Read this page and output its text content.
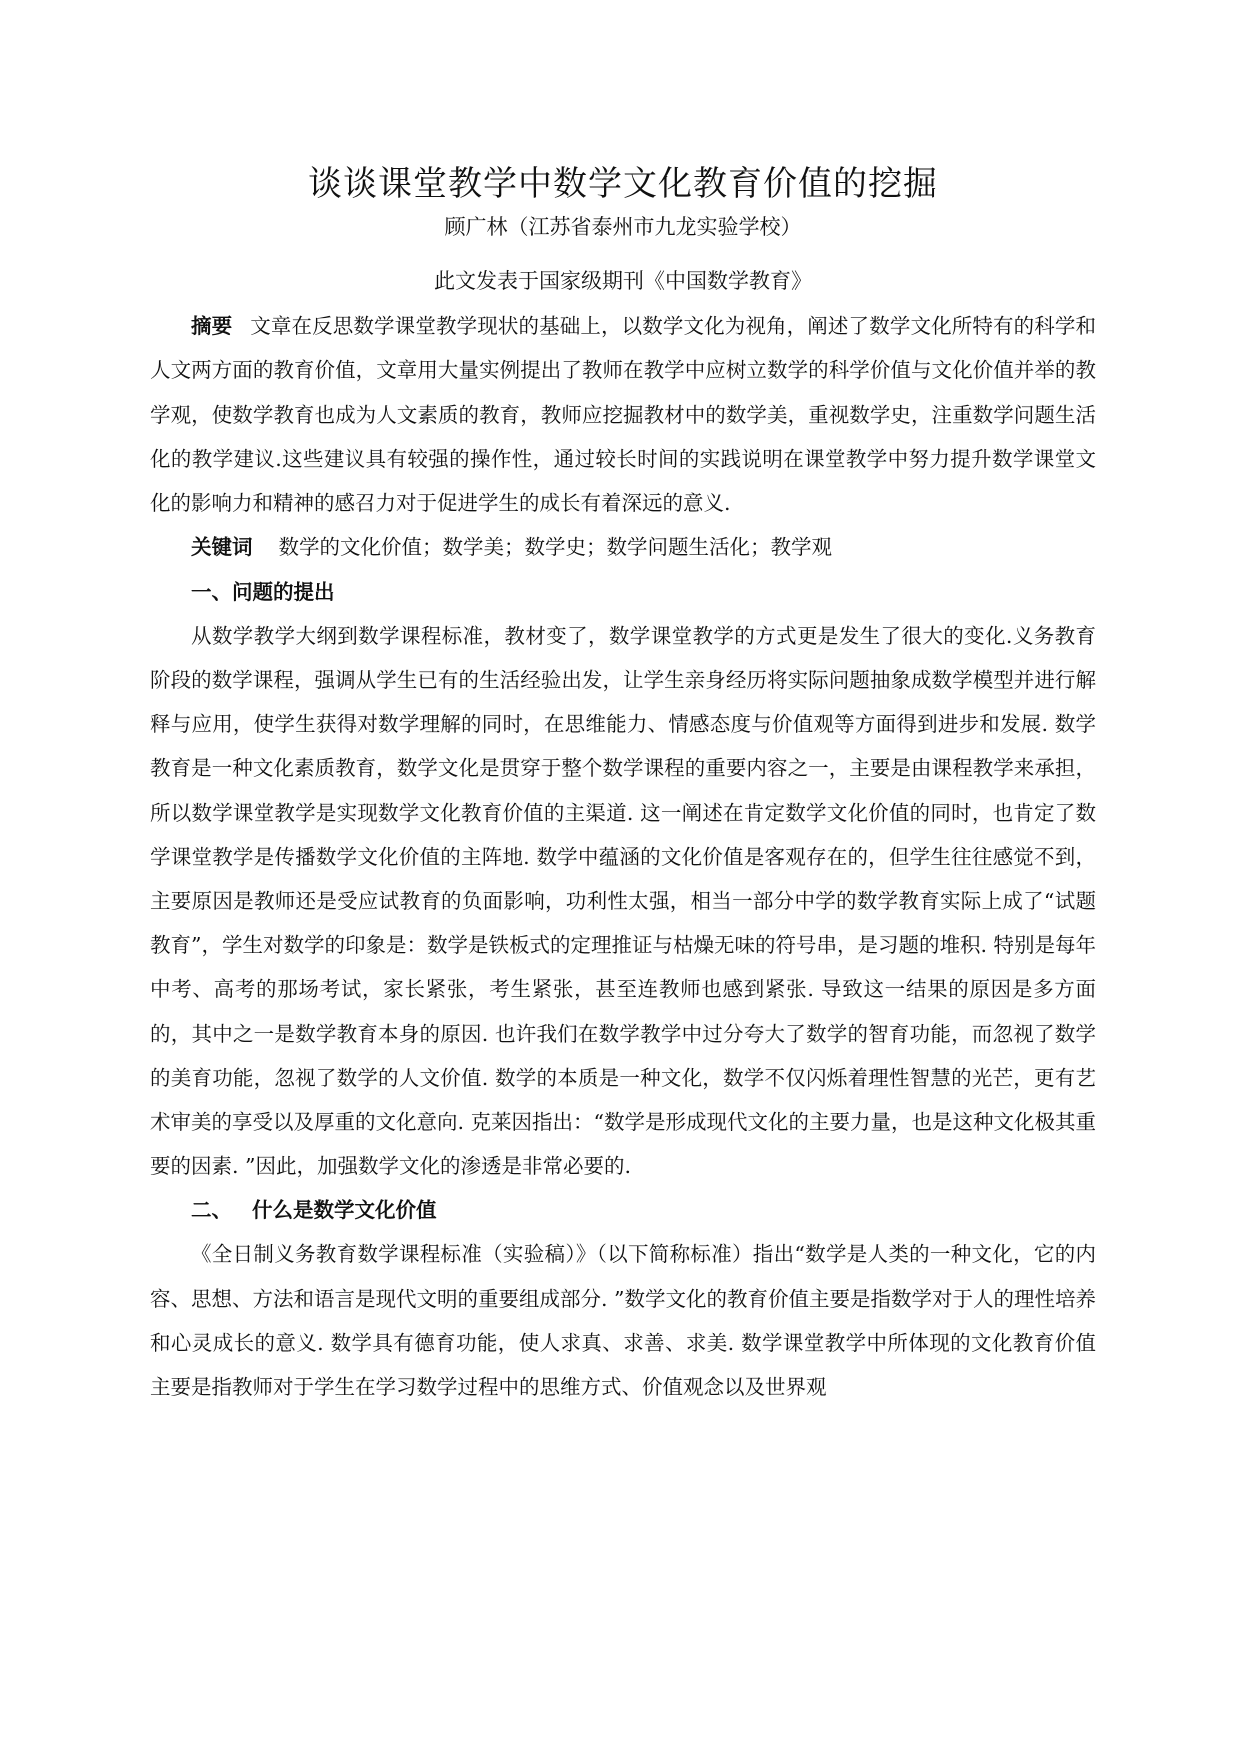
谈谈课堂教学中数学文化教育价值的挖掘

顾广林（江苏省泰州市九龙实验学校）

此文发表于国家级期刊《中国数学教育》

摘要 文章在反思数学课堂教学现状的基础上，以数学文化为视角，阐述了数学文化所特有的科学和人文两方面的教育价值，文章用大量实例提出了教师在教学中应树立数学的科学价值与文化价值并举的教学观，使数学教育也成为人文素质的教育，教师应挖掘教材中的数学美，重视数学史，注重数学问题生活化的教学建议.这些建议具有较强的操作性，通过较长时间的实践说明在课堂教学中努力提升数学课堂文化的影响力和精神的感召力对于促进学生的成长有着深远的意义.

关键词 数学的文化价值；数学美；数学史；数学问题生活化；教学观

一、问题的提出

从数学教学大纲到数学课程标准，教材变了，数学课堂教学的方式更是发生了很大的变化.义务教育阶段的数学课程，强调从学生已有的生活经验出发，让学生亲身经历将实际问题抽象成数学模型并进行解释与应用，使学生获得对数学理解的同时，在思维能力、情感态度与价值观等方面得到进步和发展. 数学教育是一种文化素质教育，数学文化是贯穿于整个数学课程的重要内容之一，主要是由课程教学来承担，所以数学课堂教学是实现数学文化教育价值的主渠道. 这一阐述在肯定数学文化价值的同时，也肯定了数学课堂教学是传播数学文化价值的主阵地. 数学中蕴涵的文化价值是客观存在的，但学生往往感觉不到，主要原因是教师还是受应试教育的负面影响，功利性太强，相当一部分中学的数学教育实际上成了“试题教育”，学生对数学的印象是：数学是铁板式的定理推证与枯燥无味的符号串，是习题的堆积. 特别是每年中考、高考的那场考试，家长紧张，考生紧张，甚至连教师也感到紧张. 导致这一结果的原因是多方面的，其中之一是数学教育本身的原因. 也许我们在数学教学中过分夸大了数学的智育功能，而忽视了数学的美育功能，忽视了数学的人文价值. 数学的本质是一种文化，数学不仅闪烁着理性智慧的光芒，更有艺术审美的享受以及厚重的文化意向. 克莱因指出：“数学是形成现代文化的主要力量，也是这种文化极其重要的因素. ”因此，加强数学文化的渗透是非常必要的.

二、 什么是数学文化价值

《全日制义务教育数学课程标准（实验稿）》（以下简称标准）指出“数学是人类的一种文化，它的内容、思想、方法和语言是现代文明的重要组成部分. ”数学文化的教育价值主要是指数学对于人的理性培养和心灵成长的意义. 数学具有德育功能，使人求真、求善、求美. 数学课堂教学中所体现的文化教育价值主要是指教师对于学生在学习数学过程中的思维方式、价值观念以及世界观
